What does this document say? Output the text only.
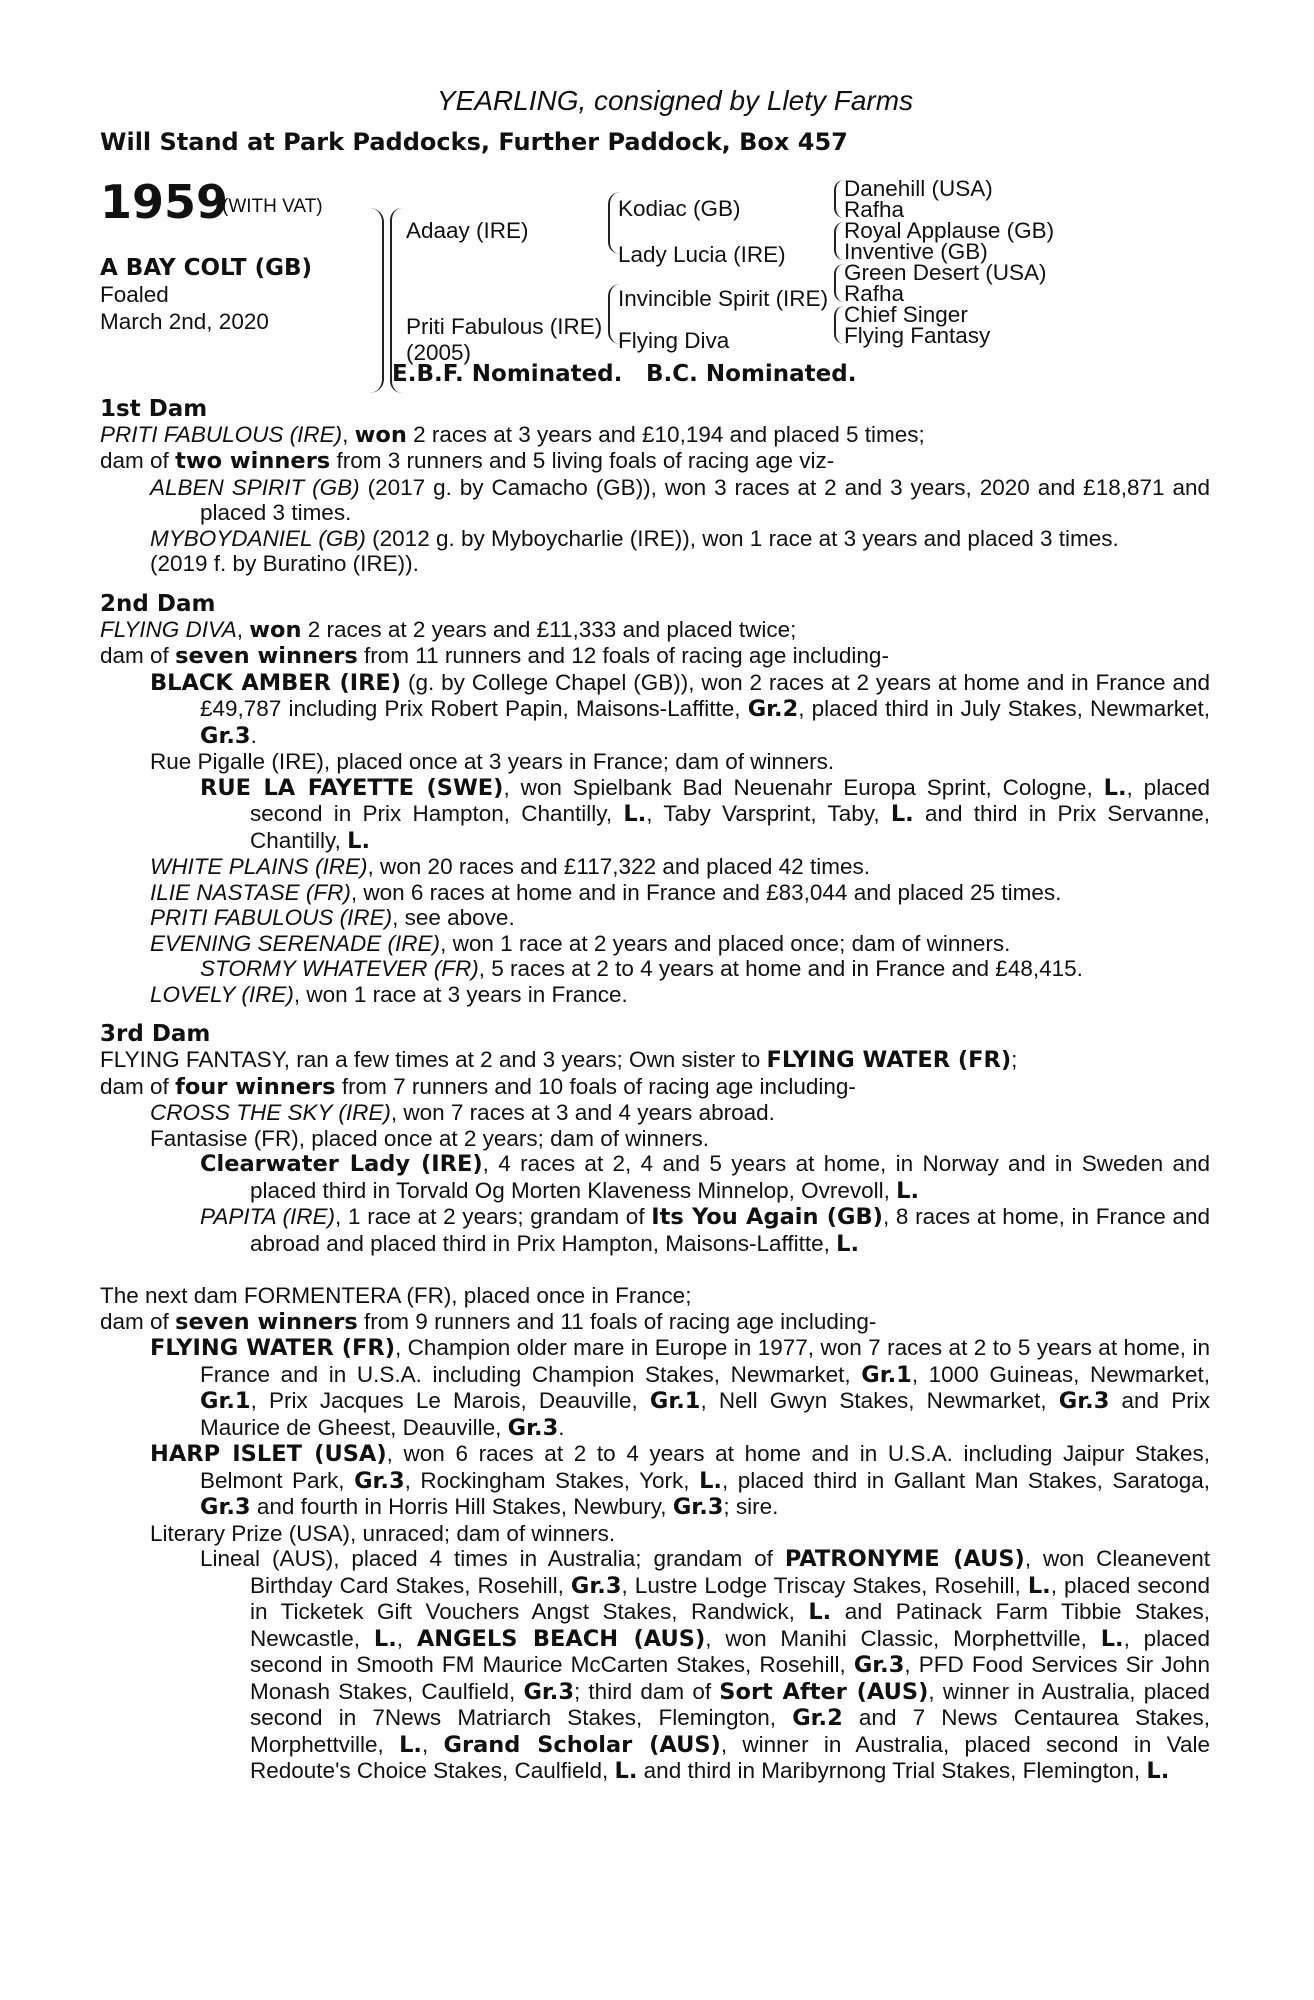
YEARLING, consigned by Llety Farms
Will Stand at Park Paddocks, Further Paddock, Box 457
1959
(WITH VAT)
A BAY COLT (GB)
Foaled
March 2nd, 2020
Adaay (IRE)
Priti Fabulous (IRE)
(2005)
Kodiac (GB)
Lady Lucia (IRE)
Invincible Spirit (IRE)
Flying Diva
Danehill (USA)
Rafha
Royal Applause (GB)
Inventive (GB)
Green Desert (USA)
Rafha
Chief Singer
Flying Fantasy
E.B.F. Nominated. B.C. Nominated.
1st Dam

PRITI FABULOUS (IRE), won 2 races at 3 years and £10,194 and placed 5 times;

dam of two winners from 3 runners and 5 living foals of racing age viz-

ALBEN SPIRIT (GB) (2017 g. by Camacho (GB)), won 3 races at 2 and 3 years, 2020 and £18,871 and placed 3 times.

MYBOYDANIEL (GB) (2012 g. by Myboycharlie (IRE)), won 1 race at 3 years and placed 3 times.

(2019 f. by Buratino (IRE)).

2nd Dam

FLYING DIVA, won 2 races at 2 years and £11,333 and placed twice;

dam of seven winners from 11 runners and 12 foals of racing age including-

BLACK AMBER (IRE) (g. by College Chapel (GB)), won 2 races at 2 years at home and in France and £49,787 including Prix Robert Papin, Maisons-Laffitte, Gr.2, placed third in July Stakes, Newmarket, Gr.3.

Rue Pigalle (IRE), placed once at 3 years in France; dam of winners.

RUE LA FAYETTE (SWE), won Spielbank Bad Neuenahr Europa Sprint, Cologne, L., placed second in Prix Hampton, Chantilly, L., Taby Varsprint, Taby, L. and third in Prix Servanne, Chantilly, L.

WHITE PLAINS (IRE), won 20 races and £117,322 and placed 42 times.

ILIE NASTASE (FR), won 6 races at home and in France and £83,044 and placed 25 times.

PRITI FABULOUS (IRE), see above.

EVENING SERENADE (IRE), won 1 race at 2 years and placed once; dam of winners.

STORMY WHATEVER (FR), 5 races at 2 to 4 years at home and in France and £48,415.

LOVELY (IRE), won 1 race at 3 years in France.

3rd Dam

FLYING FANTASY, ran a few times at 2 and 3 years; Own sister to FLYING WATER (FR);

dam of four winners from 7 runners and 10 foals of racing age including-

CROSS THE SKY (IRE), won 7 races at 3 and 4 years abroad.

Fantasise (FR), placed once at 2 years; dam of winners.

Clearwater Lady (IRE), 4 races at 2, 4 and 5 years at home, in Norway and in Sweden and placed third in Torvald Og Morten Klaveness Minnelop, Ovrevoll, L.

PAPITA (IRE), 1 race at 2 years; grandam of Its You Again (GB), 8 races at home, in France and abroad and placed third in Prix Hampton, Maisons-Laffitte, L.

The next dam FORMENTERA (FR), placed once in France;

dam of seven winners from 9 runners and 11 foals of racing age including-

FLYING WATER (FR), Champion older mare in Europe in 1977, won 7 races at 2 to 5 years at home, in France and in U.S.A. including Champion Stakes, Newmarket, Gr.1, 1000 Guineas, Newmarket, Gr.1, Prix Jacques Le Marois, Deauville, Gr.1, Nell Gwyn Stakes, Newmarket, Gr.3 and Prix Maurice de Gheest, Deauville, Gr.3.

HARP ISLET (USA), won 6 races at 2 to 4 years at home and in U.S.A. including Jaipur Stakes, Belmont Park, Gr.3, Rockingham Stakes, York, L., placed third in Gallant Man Stakes, Saratoga, Gr.3 and fourth in Horris Hill Stakes, Newbury, Gr.3; sire.

Literary Prize (USA), unraced; dam of winners.

Lineal (AUS), placed 4 times in Australia; grandam of PATRONYME (AUS), won Cleanevent Birthday Card Stakes, Rosehill, Gr.3, Lustre Lodge Triscay Stakes, Rosehill, L., placed second in Ticketek Gift Vouchers Angst Stakes, Randwick, L. and Patinack Farm Tibbie Stakes, Newcastle, L., ANGELS BEACH (AUS), won Manihi Classic, Morphettville, L., placed second in Smooth FM Maurice McCarten Stakes, Rosehill, Gr.3, PFD Food Services Sir John Monash Stakes, Caulfield, Gr.3; third dam of Sort After (AUS), winner in Australia, placed second in 7News Matriarch Stakes, Flemington, Gr.2 and 7 News Centaurea Stakes, Morphettville, L., Grand Scholar (AUS), winner in Australia, placed second in Vale Redoute's Choice Stakes, Caulfield, L. and third in Maribyrnong Trial Stakes, Flemington, L.
